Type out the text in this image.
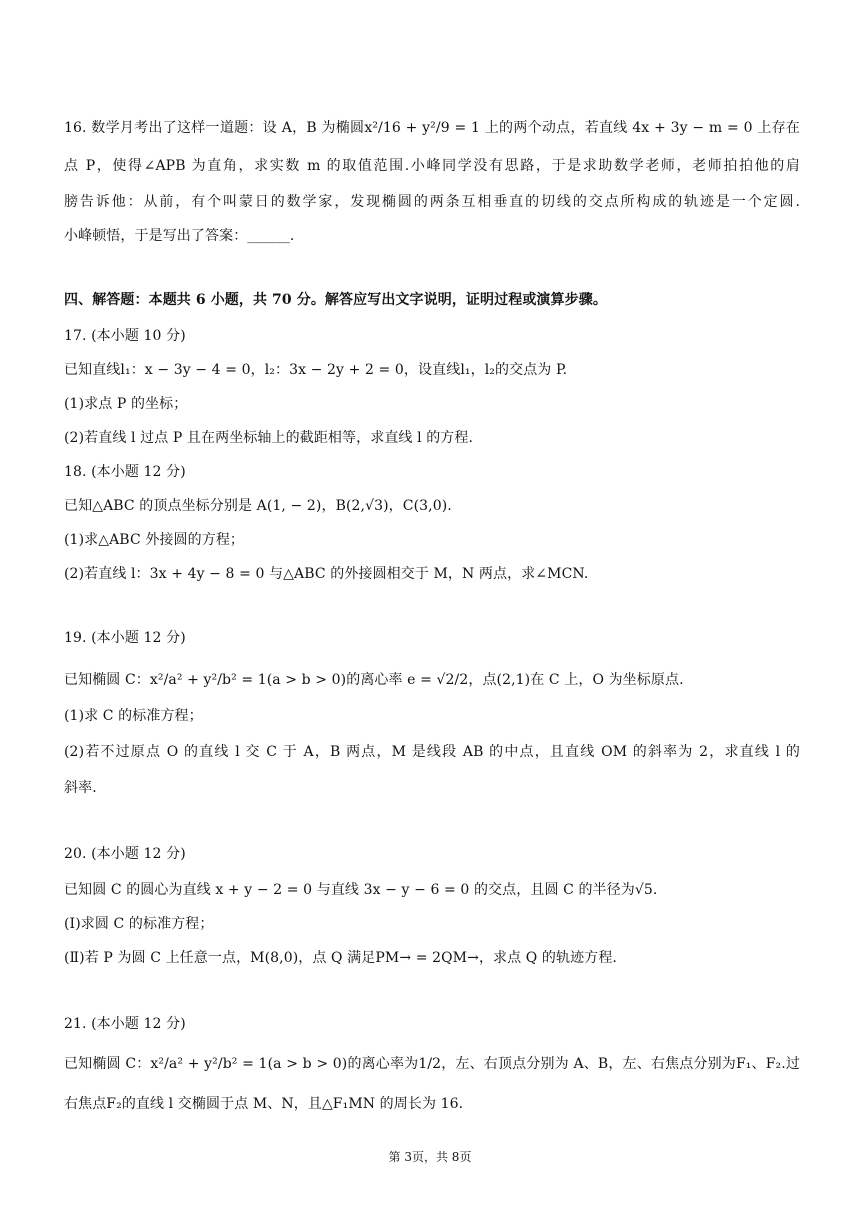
16. 数学月考出了这样一道题：设 A，B 为椭圆x²/16 + y²/9 = 1 上的两个动点，若直线 4x + 3y − m = 0 上存在
点 P，使得∠APB 为直角，求实数 m 的取值范围.小峰同学没有思路，于是求助数学老师，老师拍拍他的肩
膀告诉他：从前，有个叫蒙日的数学家，发现椭圆的两条互相垂直的切线的交点所构成的轨迹是一个定圆.
小峰顿悟，于是写出了答案：______.
四、解答题：本题共 6 小题，共 70 分。解答应写出文字说明，证明过程或演算步骤。
17. (本小题 10 分)
已知直线l₁：x − 3y − 4 = 0，l₂：3x − 2y + 2 = 0，设直线l₁，l₂的交点为 P.
(1)求点 P 的坐标；
(2)若直线 l 过点 P 且在两坐标轴上的截距相等，求直线 l 的方程.
18. (本小题 12 分)
已知△ABC 的顶点坐标分别是 A(1, − 2)，B(2,√3)，C(3,0).
(1)求△ABC 外接圆的方程；
(2)若直线 l：3x + 4y − 8 = 0 与△ABC 的外接圆相交于 M，N 两点，求∠MCN.
19. (本小题 12 分)
已知椭圆 C：x²/a² + y²/b² = 1(a > b > 0)的离心率 e = √2/2，点(2,1)在 C 上，O 为坐标原点.
(1)求 C 的标准方程；
(2)若不过原点 O 的直线 l 交 C 于 A，B 两点，M 是线段 AB 的中点，且直线 OM 的斜率为 2，求直线 l 的
斜率.
20. (本小题 12 分)
已知圆 C 的圆心为直线 x + y − 2 = 0 与直线 3x − y − 6 = 0 的交点，且圆 C 的半径为√5.
(Ⅰ)求圆 C 的标准方程；
(Ⅱ)若 P 为圆 C 上任意一点，M(8,0)，点 Q 满足PM→ = 2QM→，求点 Q 的轨迹方程.
21. (本小题 12 分)
已知椭圆 C：x²/a² + y²/b² = 1(a > b > 0)的离心率为1/2，左、右顶点分别为 A、B，左、右焦点分别为F₁、F₂.过
右焦点F₂的直线 l 交椭圆于点 M、N，且△F₁MN 的周长为 16.
第 3页，共 8页
